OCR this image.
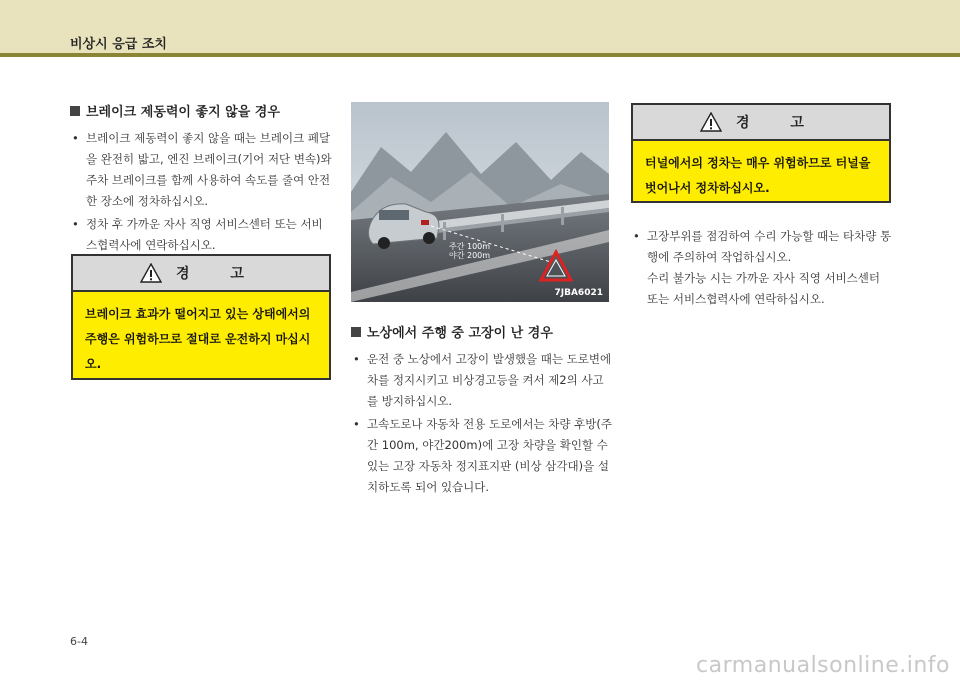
비상시 응급 조치
브레이크 제동력이 좋지 않을 경우
• 브레이크 제동력이 좋지 않을 때는 브레이크 페달을 완전히 밟고, 엔진 브레이크(기어 저단 변속)와 주차 브레이크를 함께 사용하여 속도를 줄여 안전한 장소에 정차하십시오.
• 정차 후 가까운 자사 직영 서비스센터 또는 서비스협력사에 연락하십시오.
경 고
브레이크 효과가 떨어지고 있는 상태에서의 주행은 위험하므로 절대로 운전하지 마십시오.
주간 100m
야간 200m
7JBA6021
노상에서 주행 중 고장이 난 경우
• 운전 중 노상에서 고장이 발생했을 때는 도로변에 차를 정지시키고 비상경고등을 켜서 제2의 사고를 방지하십시오.
• 고속도로나 자동차 전용 도로에서는 차량 후방(주간 100m, 야간200m)에 고장 차량을 확인할 수 있는 고장 자동차 정지표지판 (비상 삼각대)을 설치하도록 되어 있습니다.
경 고
터널에서의 정차는 매우 위험하므로 터널을 벗어나서 정차하십시오.
• 고장부위를 점검하여 수리 가능할 때는 타차량 통행에 주의하여 작업하십시오.
수리 불가능 시는 가까운 자사 직영 서비스센터 또는 서비스협력사에 연락하십시오.
6-4
carmanualsonline.info
